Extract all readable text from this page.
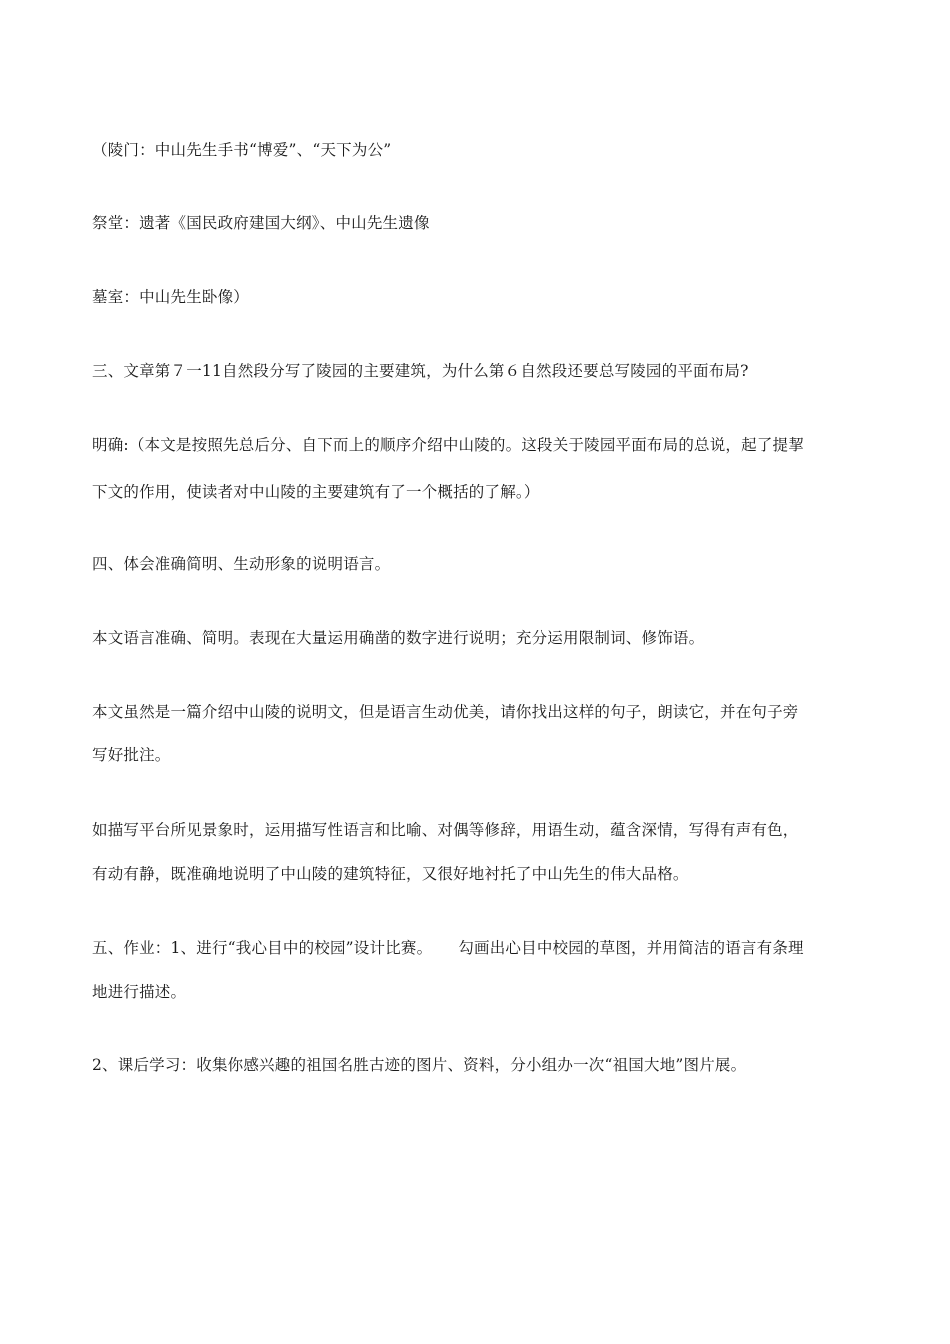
（陵门：中山先生手书“博爱”、“天下为公”
祭堂：遗著《国民政府建国大纲》、中山先生遗像
墓室：中山先生卧像）
三、文章第７一11自然段分写了陵园的主要建筑，为什么第６自然段还要总写陵园的平面布局?
明确:（本文是按照先总后分、自下而上的顺序介绍中山陵的。这段关于陵园平面布局的总说，起了提挈
下文的作用，使读者对中山陵的主要建筑有了一个概括的了解。）
四、体会准确简明、生动形象的说明语言。
本文语言准确、简明。表现在大量运用确凿的数字进行说明；充分运用限制词、修饰语。
本文虽然是一篇介绍中山陵的说明文，但是语言生动优美，请你找出这样的句子，朗读它，并在句子旁
写好批注。
如描写平台所见景象时，运用描写性语言和比喻、对偶等修辞，用语生动，蕴含深情，写得有声有色，
有动有静，既准确地说明了中山陵的建筑特征，又很好地衬托了中山先生的伟大品格。
五、作业：1、进行“我心目中的校园”设计比赛。 勾画出心目中校园的草图，并用简洁的语言有条理
地进行描述。
2、课后学习：收集你感兴趣的祖国名胜古迹的图片、资料，分小组办一次“祖国大地”图片展。
